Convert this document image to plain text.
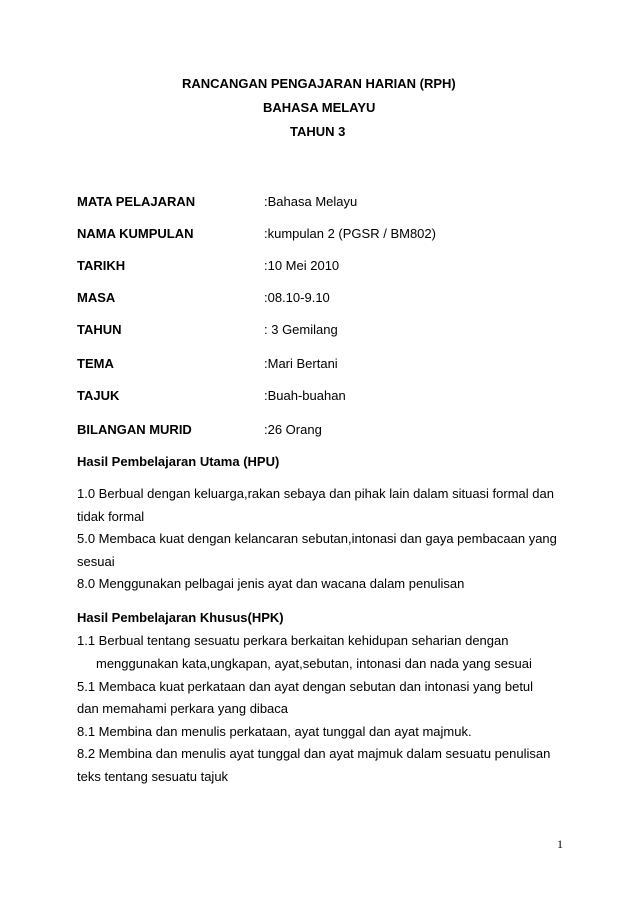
RANCANGAN PENGAJARAN HARIAN (RPH)
BAHASA MELAYU
TAHUN 3
MATA PELAJARAN	:Bahasa Melayu
NAMA KUMPULAN	:kumpulan 2 (PGSR / BM802)
TARIKH	:10 Mei 2010
MASA	:08.10-9.10
TAHUN	: 3 Gemilang
TEMA	:Mari Bertani
TAJUK	:Buah-buahan
BILANGAN MURID	:26 Orang
Hasil Pembelajaran Utama (HPU)
1.0 Berbual dengan keluarga,rakan sebaya dan pihak lain dalam situasi formal dan
tidak formal
5.0 Membaca kuat dengan kelancaran sebutan,intonasi dan gaya pembacaan yang
sesuai
8.0 Menggunakan pelbagai jenis ayat dan wacana dalam penulisan
Hasil Pembelajaran Khusus(HPK)
1.1 Berbual tentang sesuatu perkara berkaitan kehidupan seharian dengan
menggunakan kata,ungkapan, ayat,sebutan, intonasi dan nada yang sesuai
5.1 Membaca kuat perkataan dan ayat dengan sebutan dan intonasi yang betul
dan memahami perkara yang dibaca
8.1 Membina dan menulis perkataan, ayat tunggal dan ayat majmuk.
8.2 Membina dan menulis ayat tunggal dan ayat majmuk dalam sesuatu penulisan
teks tentang sesuatu tajuk
1
